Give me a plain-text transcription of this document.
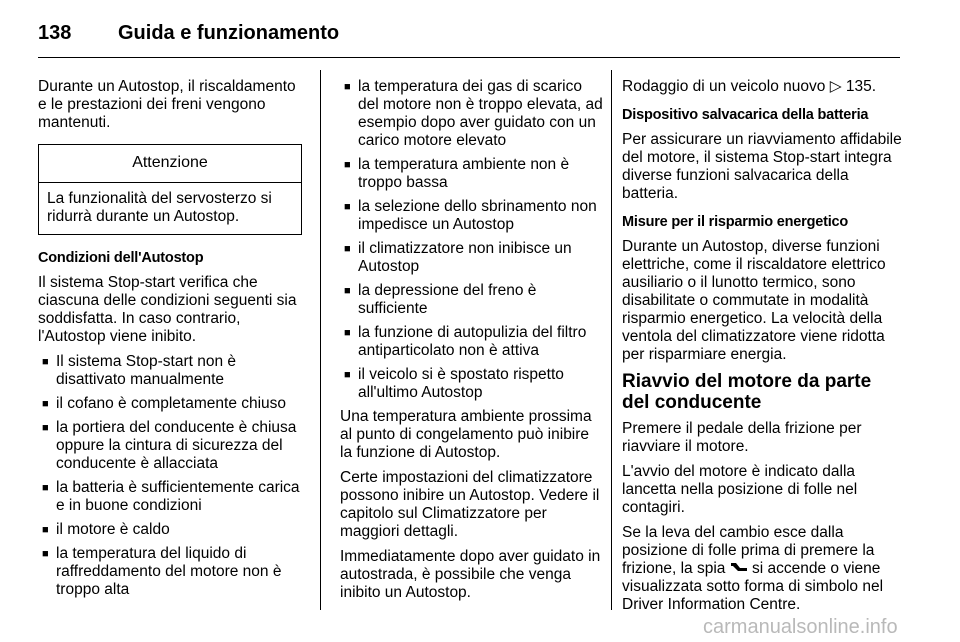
138 Guida e funzionamento

Durante un Autostop, il riscaldamento e le prestazioni dei freni vengono mantenuti.

Attenzione
La funzionalità del servosterzo si ridurrà durante un Autostop.

Condizioni dell'Autostop

Il sistema Stop-start verifica che ciascuna delle condizioni seguenti sia soddisfatta. In caso contrario, l'Autostop viene inibito.

■ Il sistema Stop-start non è disattivato manualmente
■ il cofano è completamente chiuso
■ la portiera del conducente è chiusa oppure la cintura di sicurezza del conducente è allacciata
■ la batteria è sufficientemente carica e in buone condizioni
■ il motore è caldo
■ la temperatura del liquido di raffreddamento del motore non è troppo alta
■ la temperatura dei gas di scarico del motore non è troppo elevata, ad esempio dopo aver guidato con un carico motore elevato
■ la temperatura ambiente non è troppo bassa
■ la selezione dello sbrinamento non impedisce un Autostop
■ il climatizzatore non inibisce un Autostop
■ la depressione del freno è sufficiente
■ la funzione di autopulizia del filtro antiparticolato non è attiva
■ il veicolo si è spostato rispetto all'ultimo Autostop

Una temperatura ambiente prossima al punto di congelamento può inibire la funzione di Autostop.

Certe impostazioni del climatizzatore possono inibire un Autostop. Vedere il capitolo sul Climatizzatore per maggiori dettagli.

Immediatamente dopo aver guidato in autostrada, è possibile che venga inibito un Autostop.

Rodaggio di un veicolo nuovo ▷ 135.

Dispositivo salvacarica della batteria

Per assicurare un riavviamento affidabile del motore, il sistema Stop-start integra diverse funzioni salvacarica della batteria.

Misure per il risparmio energetico

Durante un Autostop, diverse funzioni elettriche, come il riscaldatore elettrico ausiliario o il lunotto termico, sono disabilitate o commutate in modalità risparmio energetico. La velocità della ventola del climatizzatore viene ridotta per risparmiare energia.

Riavvio del motore da parte del conducente

Premere il pedale della frizione per riavviare il motore.

L'avvio del motore è indicato dalla lancetta nella posizione di folle nel contagiri.

Se la leva del cambio esce dalla posizione di folle prima di premere la frizione, la spia si accende o viene visualizzata sotto forma di simbolo nel Driver Information Centre.

carmanualsonline.info
